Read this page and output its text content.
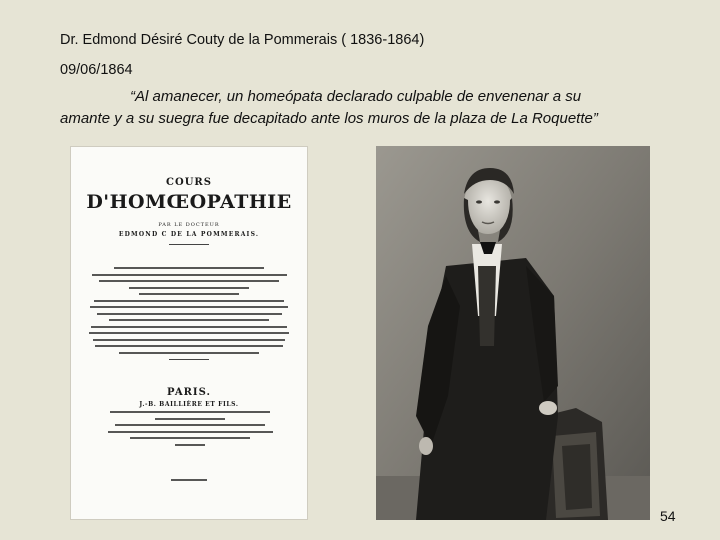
Dr. Edmond Désiré Couty de la Pommerais ( 1836-1864)
09/06/1864
“Al amanecer, un homeópata declarado culpable de envenenar a su
amante y a su suegra fue decapitado ante los muros de la plaza de La Roquette”
COURS
D'HOMŒOPATHIE
PAR LE DOCTEUR
EDMOND C DE LA POMMERAIS.
PARIS.
J.-B. BAILLIÈRE ET FILS.
54
